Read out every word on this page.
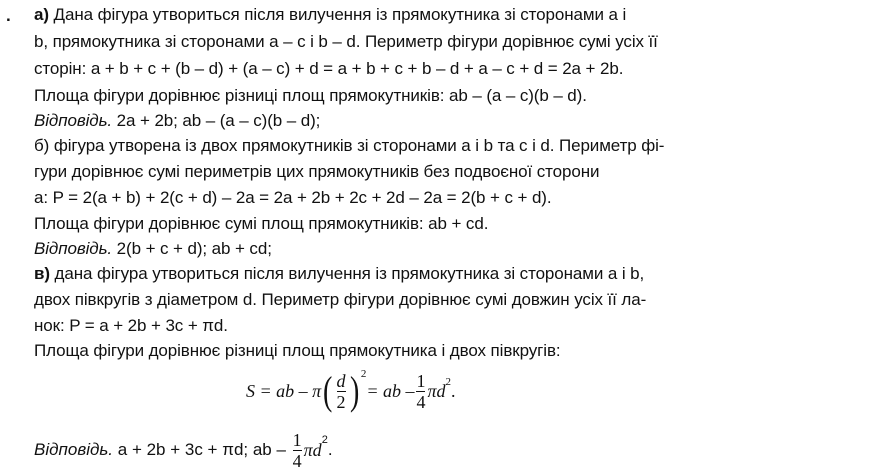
. а) Дана фігура утвориться після вилучення із прямокутника зі сторонами a і
b, прямокутника зі сторонами a – c і b – d. Периметр фігури дорівнює сумі усіх її
сторін: a + b + c + (b – d) + (a – c) + d = a + b + c + b – d + a – c + d = 2a + 2b.
Площа фігури дорівнює різниці площ прямокутників: ab – (a – c)(b – d).
Відповідь. 2a + 2b; ab – (a – c)(b – d);
б) фігура утворена із двох прямокутників зі сторонами a і b та c і d. Периметр фі-
гури дорівнює сумі периметрів цих прямокутників без подвоєної сторони
a: P = 2(a + b) + 2(c + d) – 2a = 2a + 2b + 2c + 2d – 2a = 2(b + c + d).
Площа фігури дорівнює сумі площ прямокутників: ab + cd.
Відповідь. 2(b + c + d); ab + cd;
в) дана фігура утвориться після вилучення із прямокутника зі сторонами a і b,
двох півкругів з діаметром d. Периметр фігури дорівнює сумі довжин усіх її ла-
нок: P = a + 2b + 3c + πd.
Площа фігури дорівнює різниці площ прямокутника і двох півкругів:
S = ab – π ( $\frac{d}{2} )^2$
= ab – $\frac{1}{4} \pi d^2$ .
Відповідь. a + 2b + 3c + πd; ab – $\frac{1}{4} \pi d^2$ .
